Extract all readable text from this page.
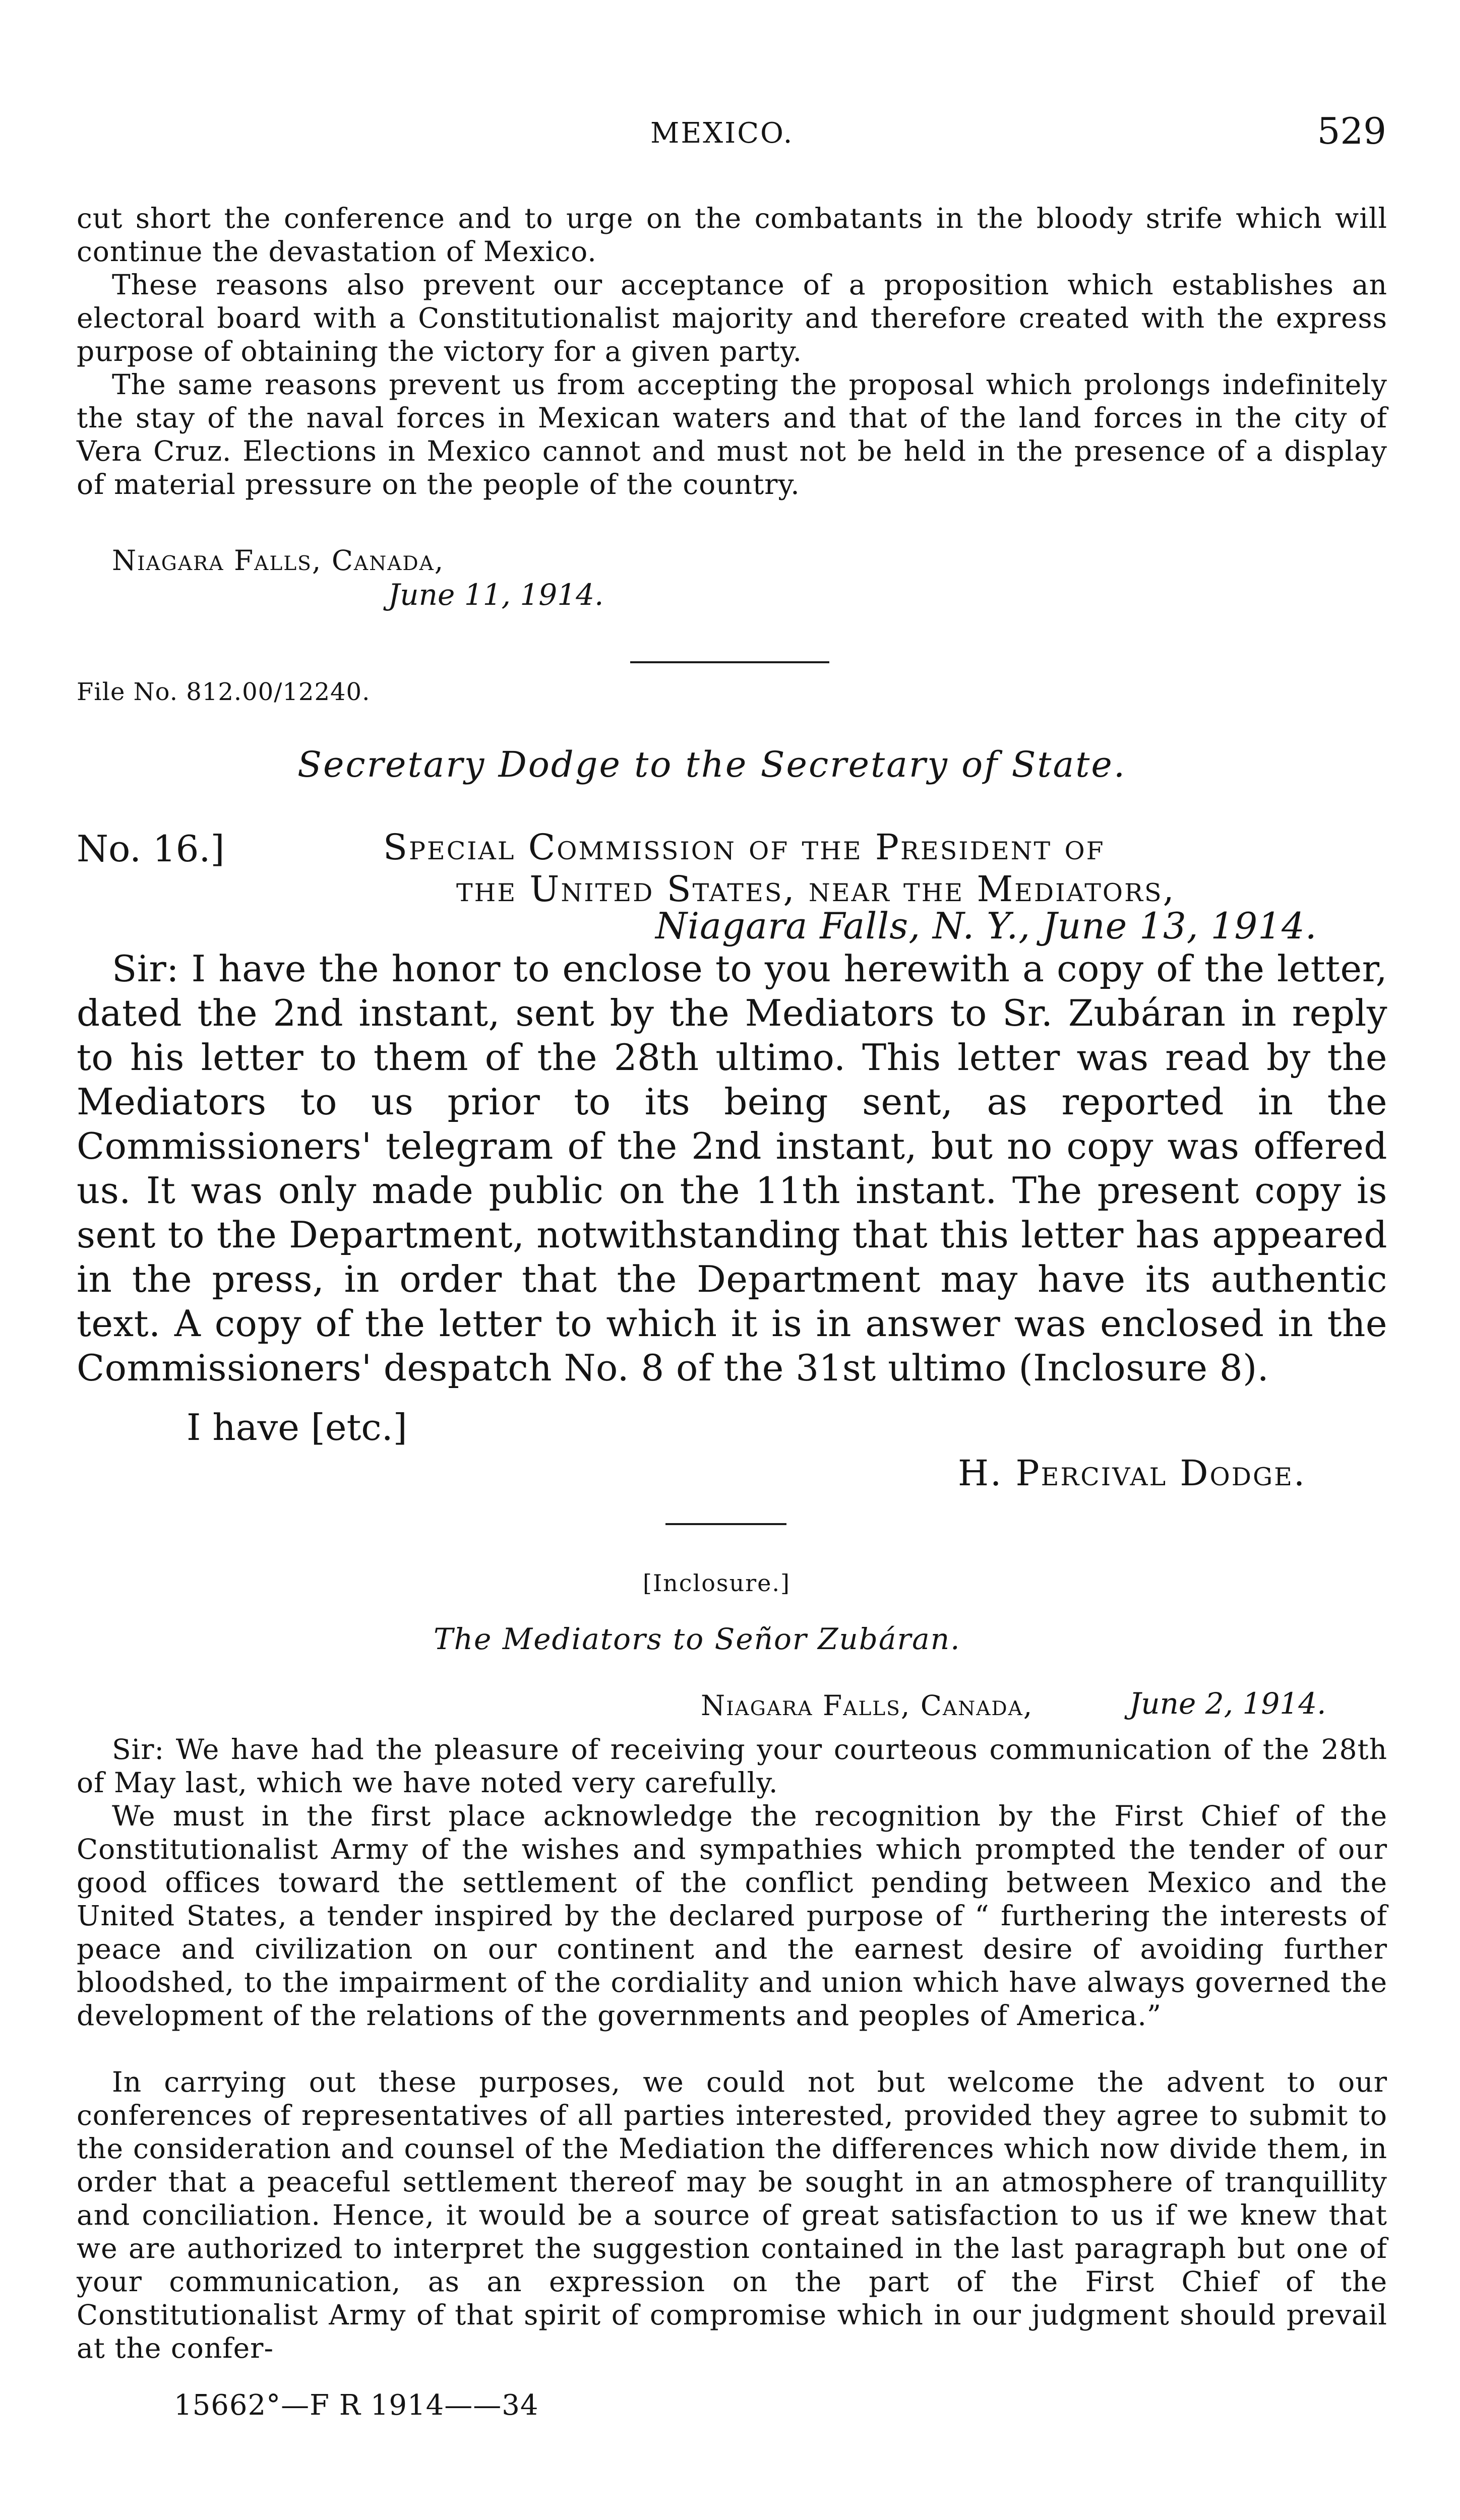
MEXICO.	529

cut short the conference and to urge on the combatants in the bloody strife which will continue the devastation of Mexico.

These reasons also prevent our acceptance of a proposition which establishes an electoral board with a Constitutionalist majority and therefore created with the express purpose of obtaining the victory for a given party.

The same reasons prevent us from accepting the proposal which prolongs indefinitely the stay of the naval forces in Mexican waters and that of the land forces in the city of Vera Cruz. Elections in Mexico cannot and must not be held in the presence of a display of material pressure on the people of the country.

Niagara Falls, Canada,
June 11, 1914.
File No. 812.00/12240.
Secretary Dodge to the Secretary of State.
No. 16.]	Special Commission of the President of
the United States, near the Mediators,
Niagara Falls, N. Y., June 13, 1914.

Sir: I have the honor to enclose to you herewith a copy of the letter, dated the 2nd instant, sent by the Mediators to Sr. Zubáran in reply to his letter to them of the 28th ultimo. This letter was read by the Mediators to us prior to its being sent, as reported in the Commissioners' telegram of the 2nd instant, but no copy was offered us. It was only made public on the 11th instant. The present copy is sent to the Department, notwithstanding that this letter has appeared in the press, in order that the Department may have its authentic text. A copy of the letter to which it is in answer was enclosed in the Commissioners' despatch No. 8 of the 31st ultimo (Inclosure 8).

I have [etc.]
H. Percival Dodge.
[Inclosure.]
The Mediators to Señor Zubáran.
Niagara Falls, Canada,	June 2, 1914.

Sir: We have had the pleasure of receiving your courteous communication of the 28th of May last, which we have noted very carefully.

We must in the first place acknowledge the recognition by the First Chief of the Constitutionalist Army of the wishes and sympathies which prompted the tender of our good offices toward the settlement of the conflict pending between Mexico and the United States, a tender inspired by the declared purpose of “ furthering the interests of peace and civilization on our continent and the earnest desire of avoiding further bloodshed, to the impairment of the cordiality and union which have always governed the development of the relations of the governments and peoples of America.”

In carrying out these purposes, we could not but welcome the advent to our conferences of representatives of all parties interested, provided they agree to submit to the consideration and counsel of the Mediation the differences which now divide them, in order that a peaceful settlement thereof may be sought in an atmosphere of tranquillity and conciliation. Hence, it would be a source of great satisfaction to us if we knew that we are authorized to interpret the suggestion contained in the last paragraph but one of your communication, as an expression on the part of the First Chief of the Constitutionalist Army of that spirit of compromise which in our judgment should prevail at the confer-

15662°—F R 1914——34
